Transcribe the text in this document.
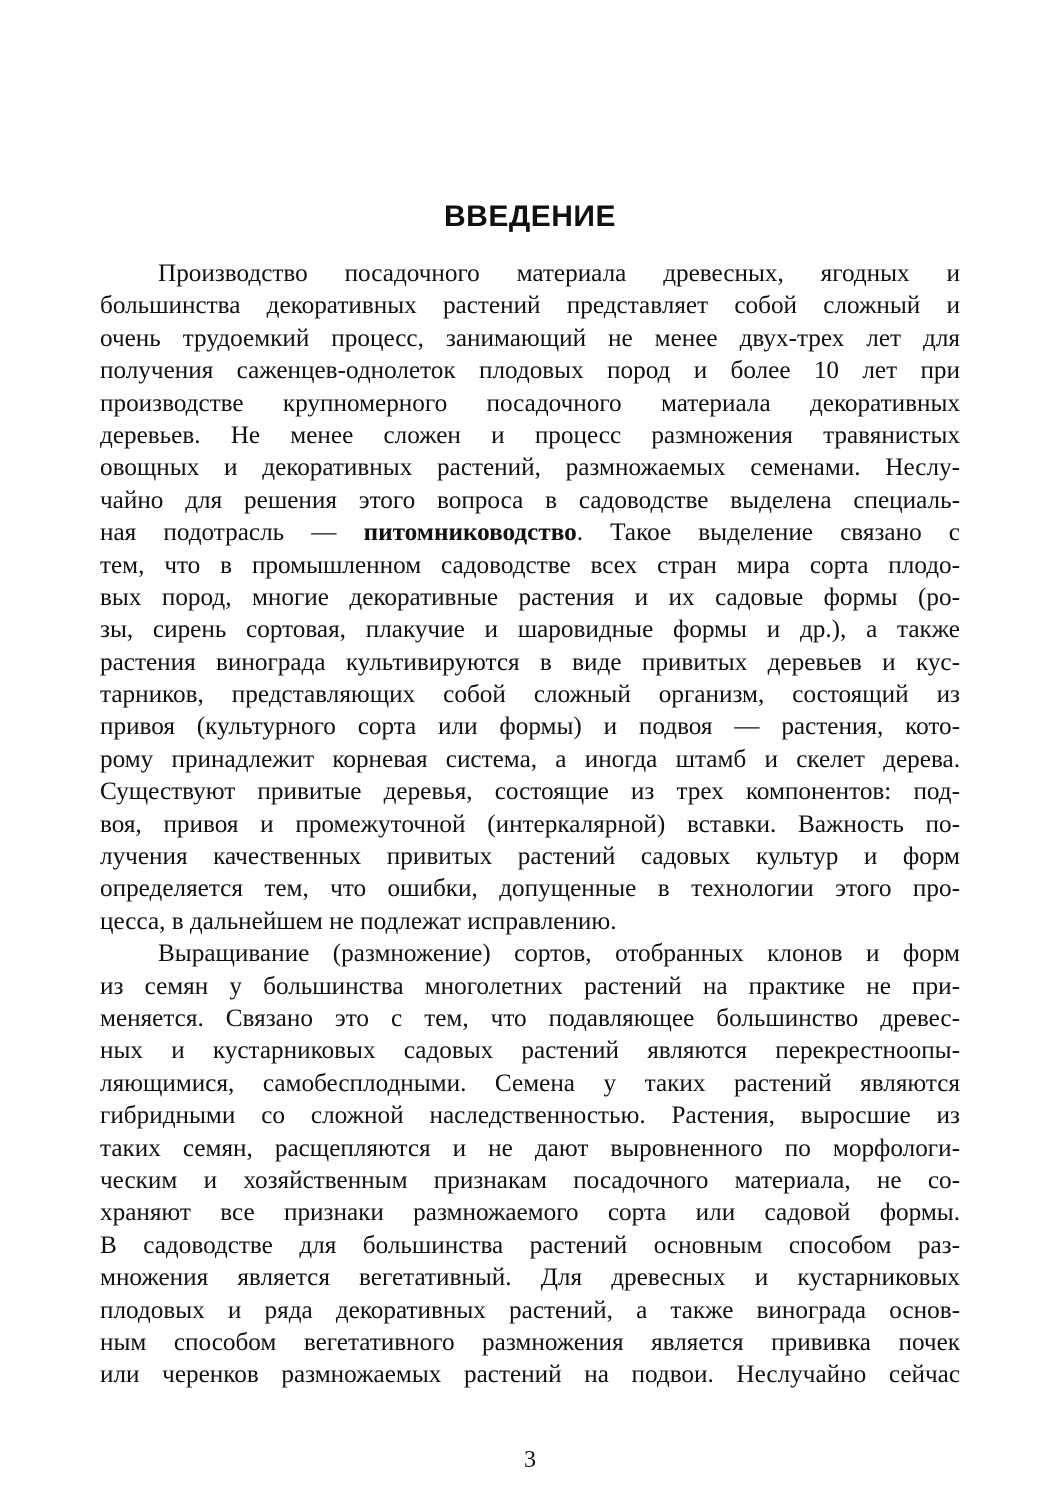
ВВЕДЕНИЕ
Производство посадочного материала древесных, ягодных и
большинства декоративных растений представляет собой сложный и
очень трудоемкий процесс, занимающий не менее двух-трех лет для
получения саженцев-однолеток плодовых пород и более 10 лет при
производстве крупномерного посадочного материала декоративных
деревьев. Не менее сложен и процесс размножения травянистых
овощных и декоративных растений, размножаемых семенами. Неслу-
чайно для решения этого вопроса в садоводстве выделена специаль-
ная подотрасль — питомниководство. Такое выделение связано с
тем, что в промышленном садоводстве всех стран мира сорта плодо-
вых пород, многие декоративные растения и их садовые формы (ро-
зы, сирень сортовая, плакучие и шаровидные формы и др.), а также
растения винограда культивируются в виде привитых деревьев и кус-
тарников, представляющих собой сложный организм, состоящий из
привоя (культурного сорта или формы) и подвоя — растения, кото-
рому принадлежит корневая система, а иногда штамб и скелет дерева.
Существуют привитые деревья, состоящие из трех компонентов: под-
воя, привоя и промежуточной (интеркалярной) вставки. Важность по-
лучения качественных привитых растений садовых культур и форм
определяется тем, что ошибки, допущенные в технологии этого про-
цесса, в дальнейшем не подлежат исправлению.
Выращивание (размножение) сортов, отобранных клонов и форм
из семян у большинства многолетних растений на практике не при-
меняется. Связано это с тем, что подавляющее большинство древес-
ных и кустарниковых садовых растений являются перекрестноопы-
ляющимися, самобесплодными. Семена у таких растений являются
гибридными со сложной наследственностью. Растения, выросшие из
таких семян, расщепляются и не дают выровненного по морфологи-
ческим и хозяйственным признакам посадочного материала, не со-
храняют все признаки размножаемого сорта или садовой формы.
В садоводстве для большинства растений основным способом раз-
множения является вегетативный. Для древесных и кустарниковых
плодовых и ряда декоративных растений, а также винограда основ-
ным способом вегетативного размножения является прививка почек
или черенков размножаемых растений на подвои. Неслучайно сейчас
3
